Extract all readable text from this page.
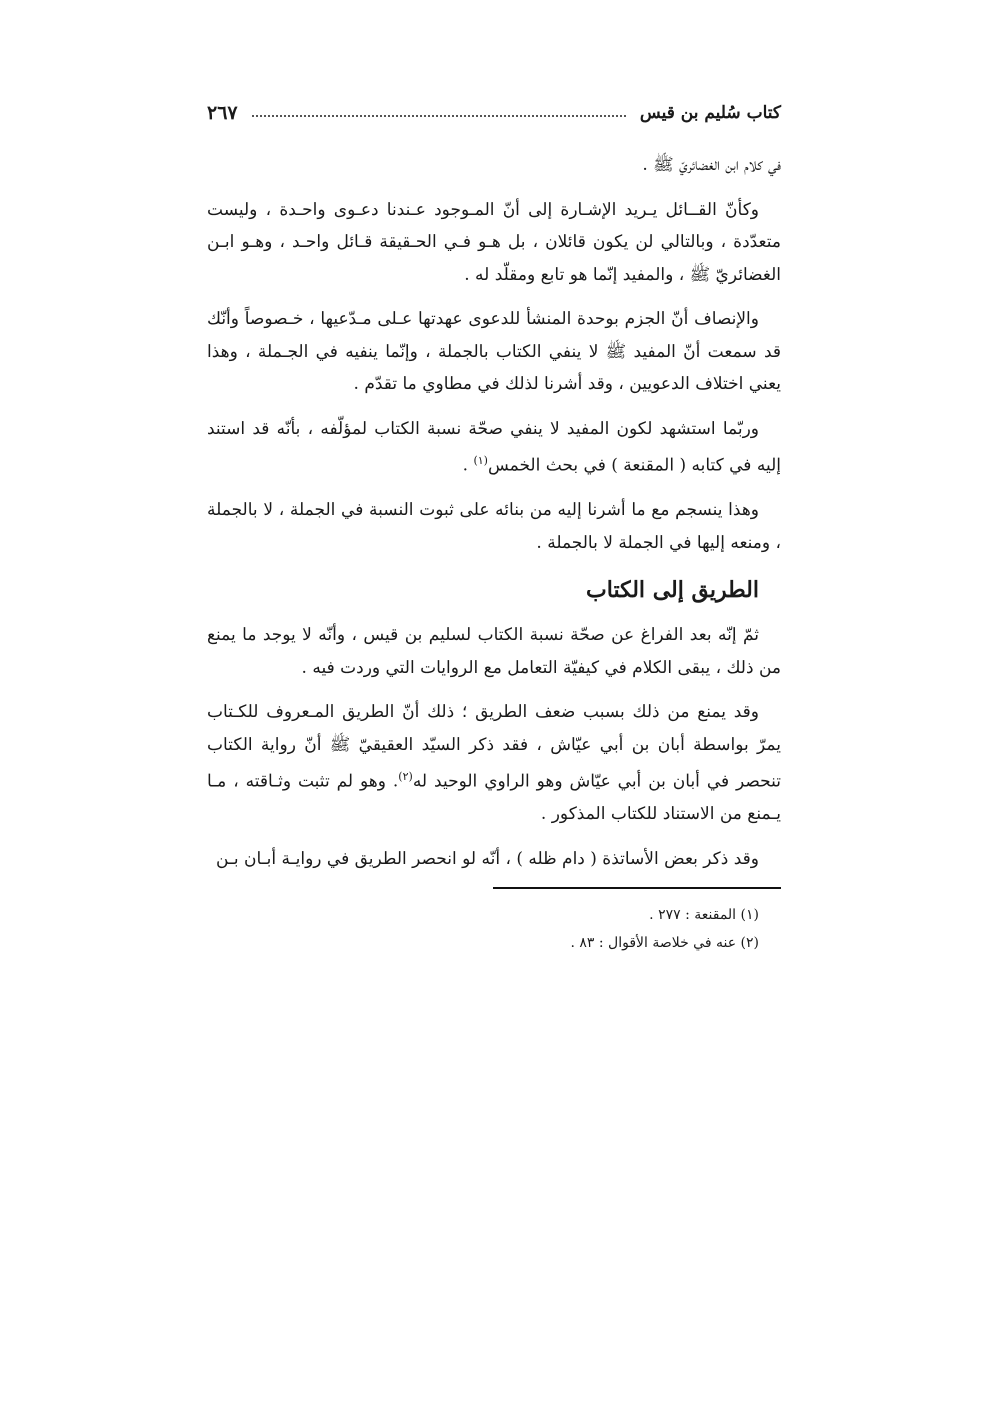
كتاب سُليم بن قيس
٢٦٧

في كلام ابن الغضائريّ ﷺ .

وكأنّ القــائل يـريد الإشـارة إلى أنّ المـوجود عـندنا دعـوى واحـدة ، وليست متعدّدة ، وبالتالي لن يكون قائلان ، بل هـو فـي الحـقيقة قـائل واحـد ، وهـو ابـن الغضائريّ ﷺ ، والمفيد إنّما هو تابع ومقلّد له .

والإنصاف أنّ الجزم بوحدة المنشأ للدعوى عهدتها عـلى مـدّعيها ، خـصوصاً وأنّك قد سمعت أنّ المفيد ﷺ لا ينفي الكتاب بالجملة ، وإنّما ينفيه في الجـملة ، وهذا يعني اختلاف الدعويين ، وقد أشرنا لذلك في مطاوي ما تقدّم .

وربّما استشهد لكون المفيد لا ينفي صحّة نسبة الكتاب لمؤلّفه ، بأنّه قد استند إليه في كتابه ( المقنعة ) في بحث الخمس$^{(١)}$ .

وهذا ينسجم مع ما أشرنا إليه من بنائه على ثبوت النسبة في الجملة ، لا بالجملة ، ومنعه إليها في الجملة لا بالجملة .

الطريق إلى الكتاب

ثمّ إنّه بعد الفراغ عن صحّة نسبة الكتاب لسليم بن قيس ، وأنّه لا يوجد ما يمنع من ذلك ، يبقى الكلام في كيفيّة التعامل مع الروايات التي وردت فيه .

وقد يمنع من ذلك بسبب ضعف الطريق ؛ ذلك أنّ الطريق المـعروف للكـتاب يمرّ بواسطة أبان بن أبي عيّاش ، فقد ذكر السيّد العقيقيّ ﷺ أنّ رواية الكتاب تنحصر في أبان بن أبي عيّاش وهو الراوي الوحيد له$^{(٢)}$. وهو لم تثبت وثـاقته ، مـا يـمنع من الاستناد للكتاب المذكور .

وقد ذكر بعض الأساتذة ( دام ظله ) ، أنّه لو انحصر الطريق في روايـة أبـان بـن

(١) المقنعة : ٢٧٧ .
(٢) عنه في خلاصة الأقوال : ٨٣ .
